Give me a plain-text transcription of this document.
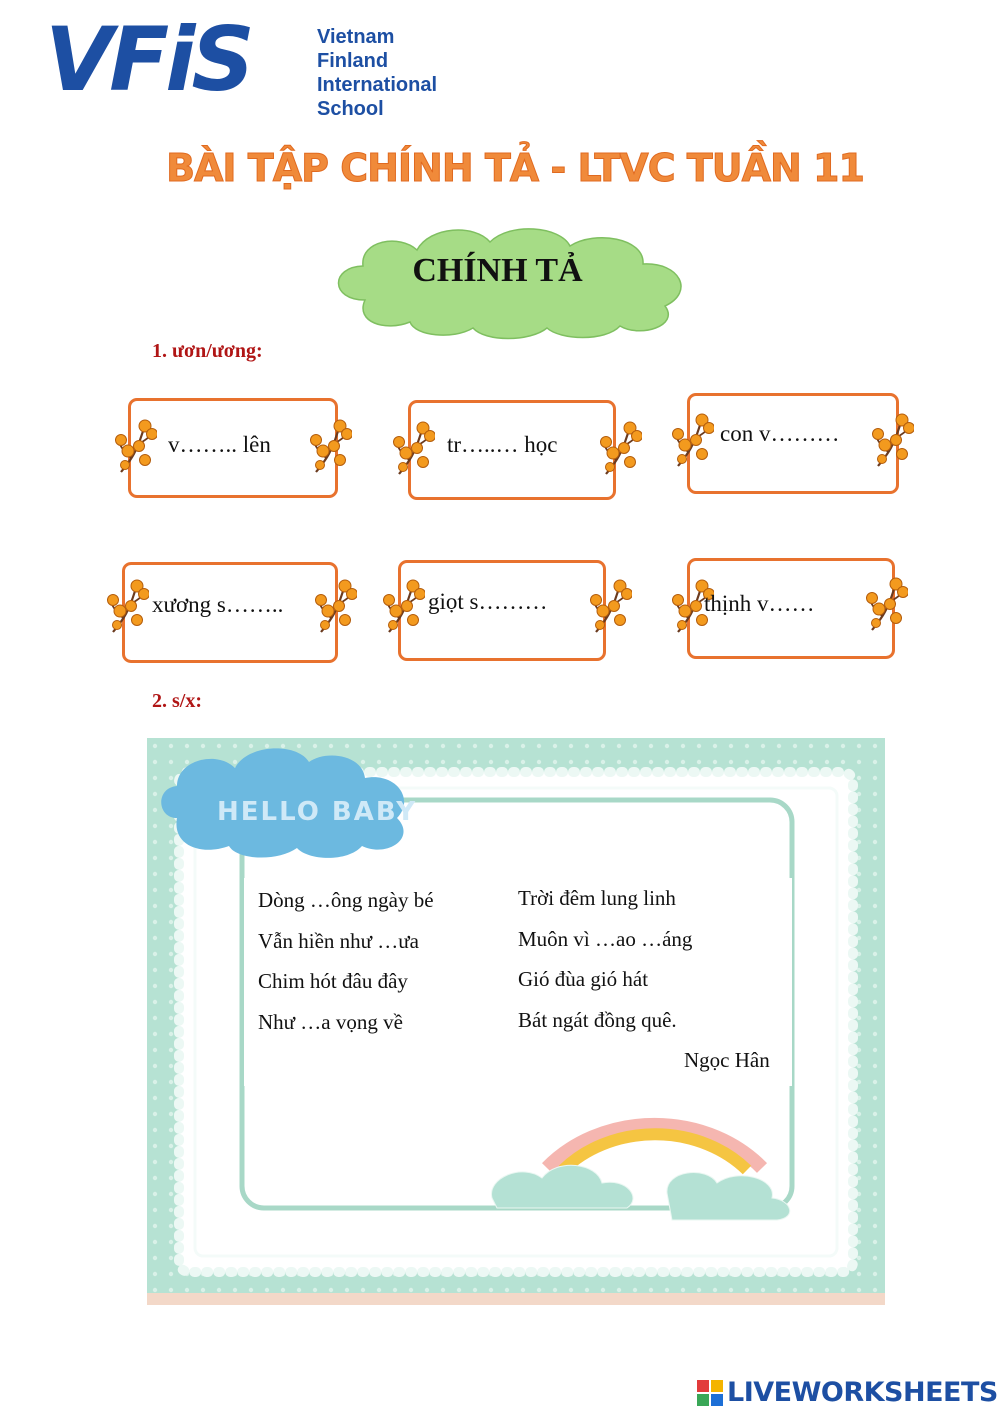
VFiS	Vietnam
Finland
International
School
BÀI TẬP CHÍNH TẢ - LTVC TUẦN 11
CHÍNH TẢ
1. ươn/ương:
v…….. lên	tr…..… học	con v………
xương s……..	giọt s………	thịnh v……
2. s/x:
HELLO BABY
Dòng …ông ngày bé
Vẫn hiền như …ưa
Chim hót đâu đây
Như …a vọng về
Trời đêm lung linh
Muôn vì …ao …áng
Gió đùa gió hát
Bát ngát đồng quê.
Ngọc Hân
LIVEWORKSHEETS
